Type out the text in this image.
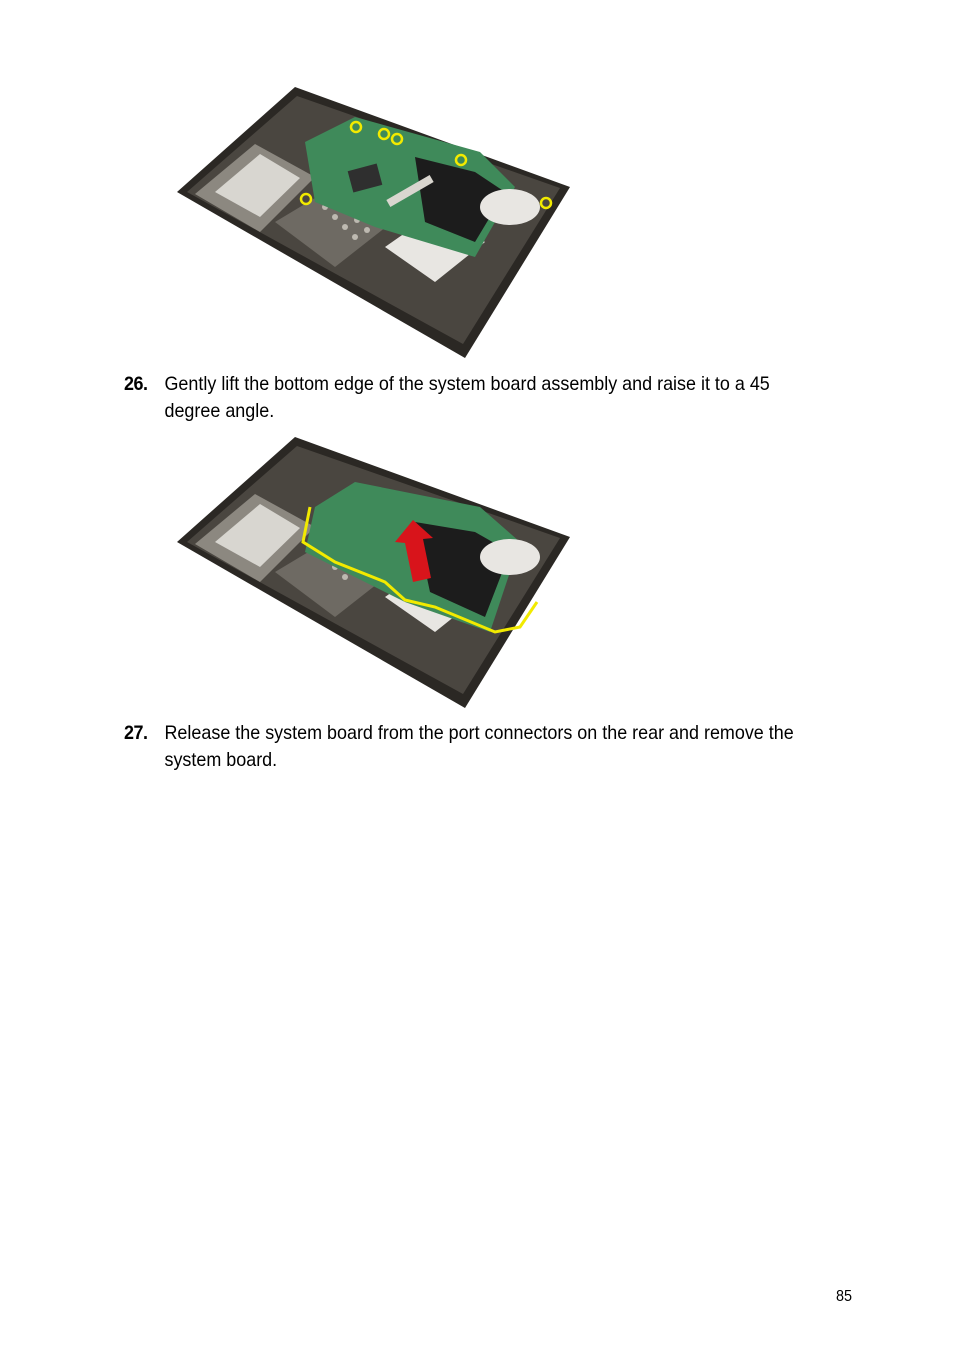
26. Gently lift the bottom edge of the system board assembly and raise it to a 45 degree angle.
27. Release the system board from the port connectors on the rear and remove the system board.
85
